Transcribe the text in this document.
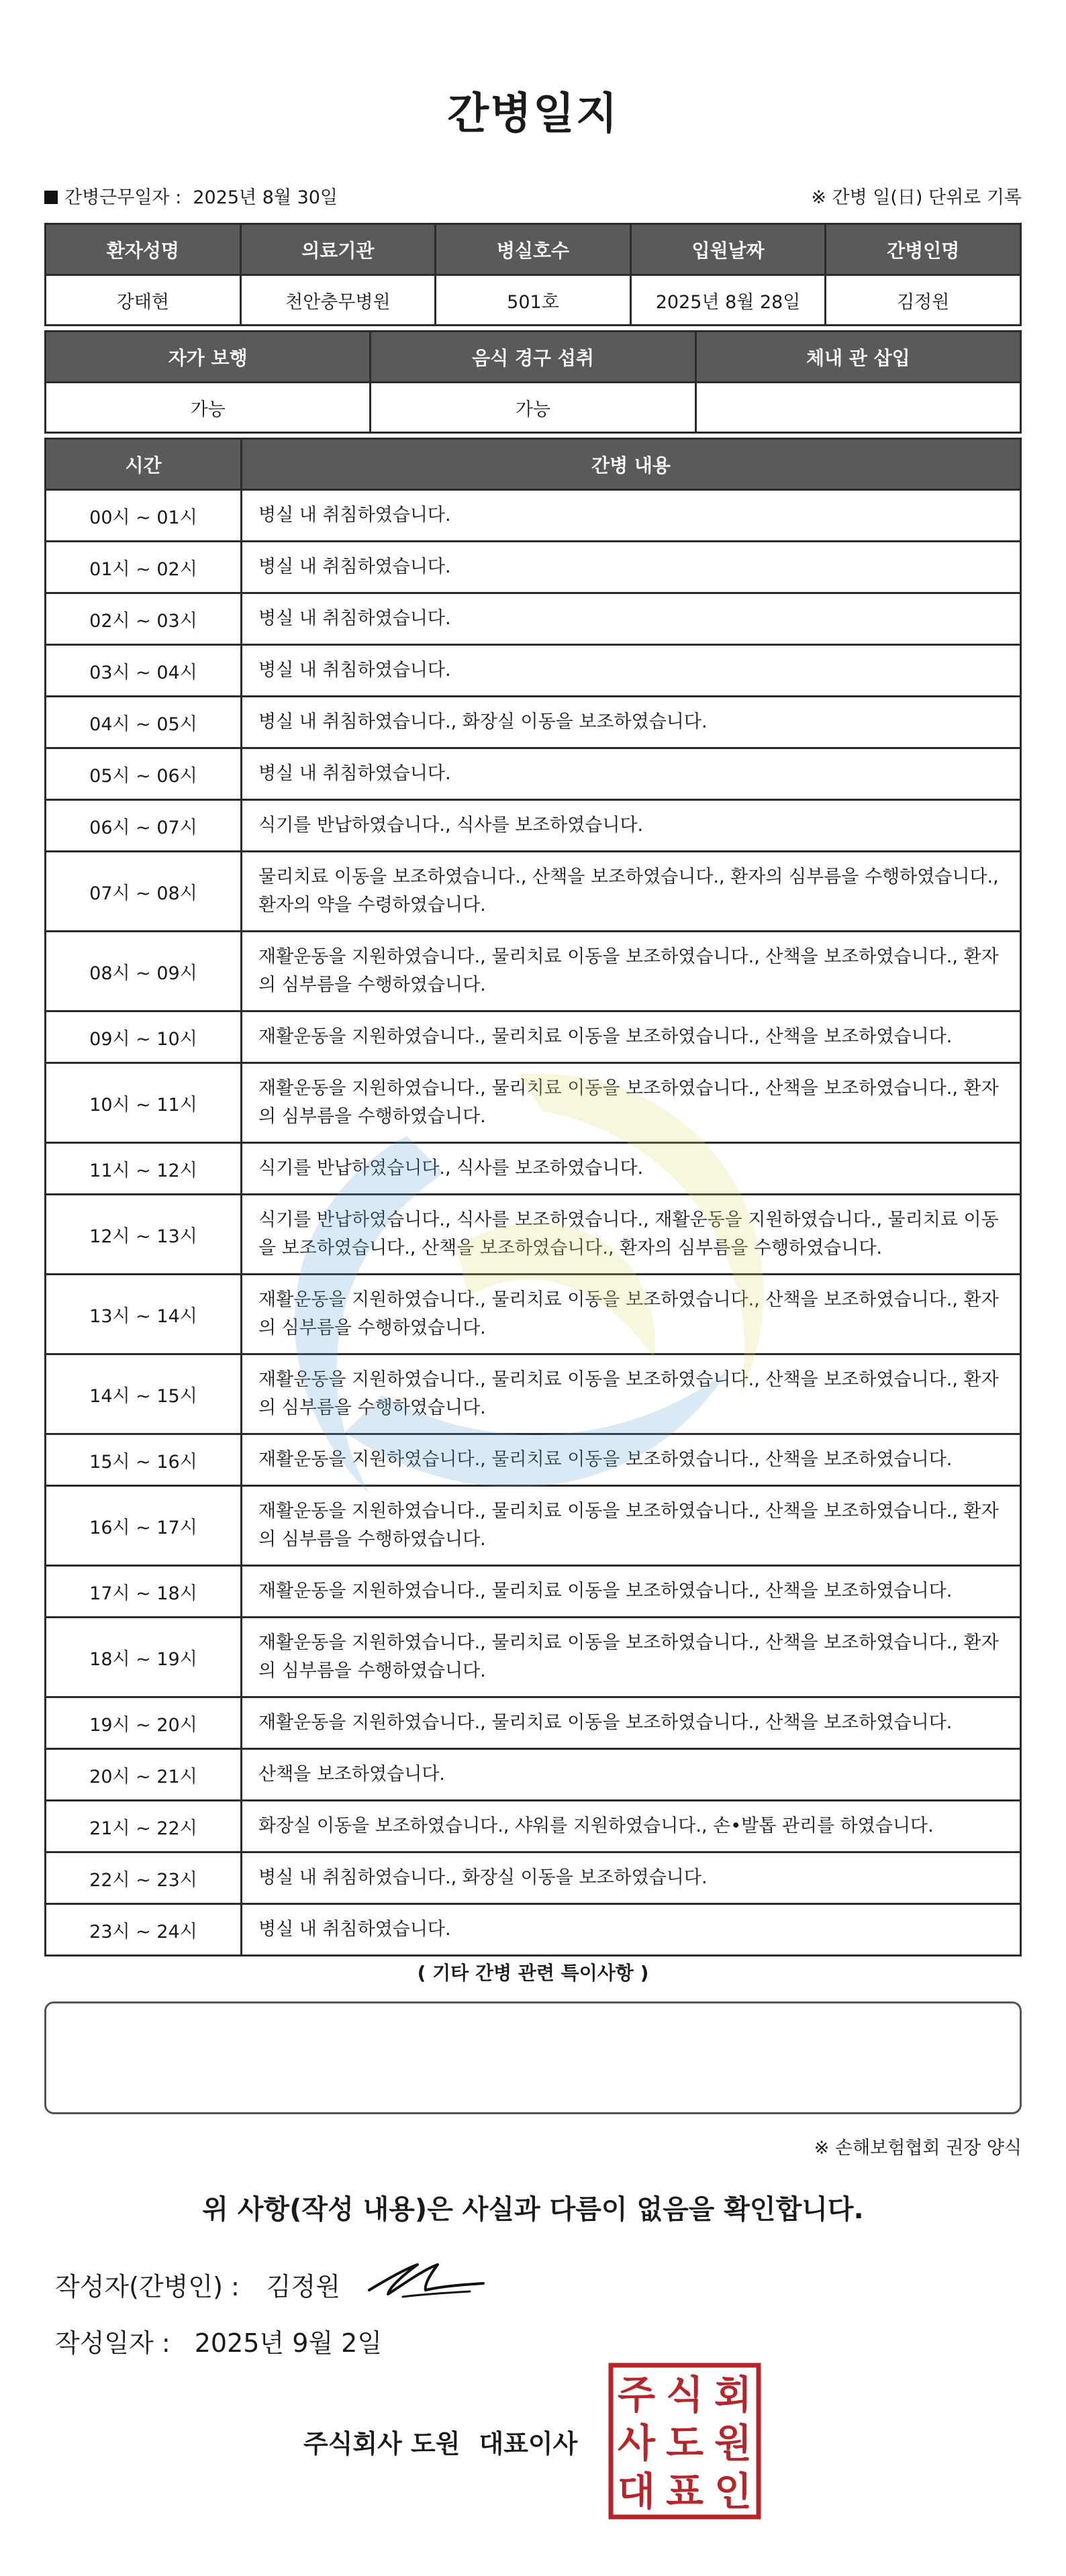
간병일지
간병근무일자 : 2025년 8월 30일	※ 간병 일(日) 단위로 기록
환자성명	의료기관	병실호수	입원날짜	간병인명
강태현	천안충무병원	501호	2025년 8월 28일	김정원
자가 보행	음식 경구 섭취	체내 관 삽입
가능	가능	
시간	간병 내용
00시 ~ 01시	병실 내 취침하였습니다.
01시 ~ 02시	병실 내 취침하였습니다.
02시 ~ 03시	병실 내 취침하였습니다.
03시 ~ 04시	병실 내 취침하였습니다.
04시 ~ 05시	병실 내 취침하였습니다., 화장실 이동을 보조하였습니다.
05시 ~ 06시	병실 내 취침하였습니다.
06시 ~ 07시	식기를 반납하였습니다., 식사를 보조하였습니다.
07시 ~ 08시	물리치료 이동을 보조하였습니다., 산책을 보조하였습니다., 환자의 심부름을 수행하였습니다., 환자의 약을 수령하였습니다.
08시 ~ 09시	재활운동을 지원하였습니다., 물리치료 이동을 보조하였습니다., 산책을 보조하였습니다., 환자의 심부름을 수행하였습니다.
09시 ~ 10시	재활운동을 지원하였습니다., 물리치료 이동을 보조하였습니다., 산책을 보조하였습니다.
10시 ~ 11시	재활운동을 지원하였습니다., 물리치료 이동을 보조하였습니다., 산책을 보조하였습니다., 환자의 심부름을 수행하였습니다.
11시 ~ 12시	식기를 반납하였습니다., 식사를 보조하였습니다.
12시 ~ 13시	식기를 반납하였습니다., 식사를 보조하였습니다., 재활운동을 지원하였습니다., 물리치료 이동을 보조하였습니다., 산책을 보조하였습니다., 환자의 심부름을 수행하였습니다.
13시 ~ 14시	재활운동을 지원하였습니다., 물리치료 이동을 보조하였습니다., 산책을 보조하였습니다., 환자의 심부름을 수행하였습니다.
14시 ~ 15시	재활운동을 지원하였습니다., 물리치료 이동을 보조하였습니다., 산책을 보조하였습니다., 환자의 심부름을 수행하였습니다.
15시 ~ 16시	재활운동을 지원하였습니다., 물리치료 이동을 보조하였습니다., 산책을 보조하였습니다.
16시 ~ 17시	재활운동을 지원하였습니다., 물리치료 이동을 보조하였습니다., 산책을 보조하였습니다., 환자의 심부름을 수행하였습니다.
17시 ~ 18시	재활운동을 지원하였습니다., 물리치료 이동을 보조하였습니다., 산책을 보조하였습니다.
18시 ~ 19시	재활운동을 지원하였습니다., 물리치료 이동을 보조하였습니다., 산책을 보조하였습니다., 환자의 심부름을 수행하였습니다.
19시 ~ 20시	재활운동을 지원하였습니다., 물리치료 이동을 보조하였습니다., 산책을 보조하였습니다.
20시 ~ 21시	산책을 보조하였습니다.
21시 ~ 22시	화장실 이동을 보조하였습니다., 샤워를 지원하였습니다., 손•발톱 관리를 하였습니다.
22시 ~ 23시	병실 내 취침하였습니다., 화장실 이동을 보조하였습니다.
23시 ~ 24시	병실 내 취침하였습니다.
( 기타 간병 관련 특이사항 )
※ 손해보험협회 권장 양식
위 사항(작성 내용)은 사실과 다름이 없음을 확인합니다.
작성자(간병인) : 김정원
작성일자 : 2025년 9월 2일
주식회사 도원 대표이사
주 식 회
사 도 원
대 표 인
